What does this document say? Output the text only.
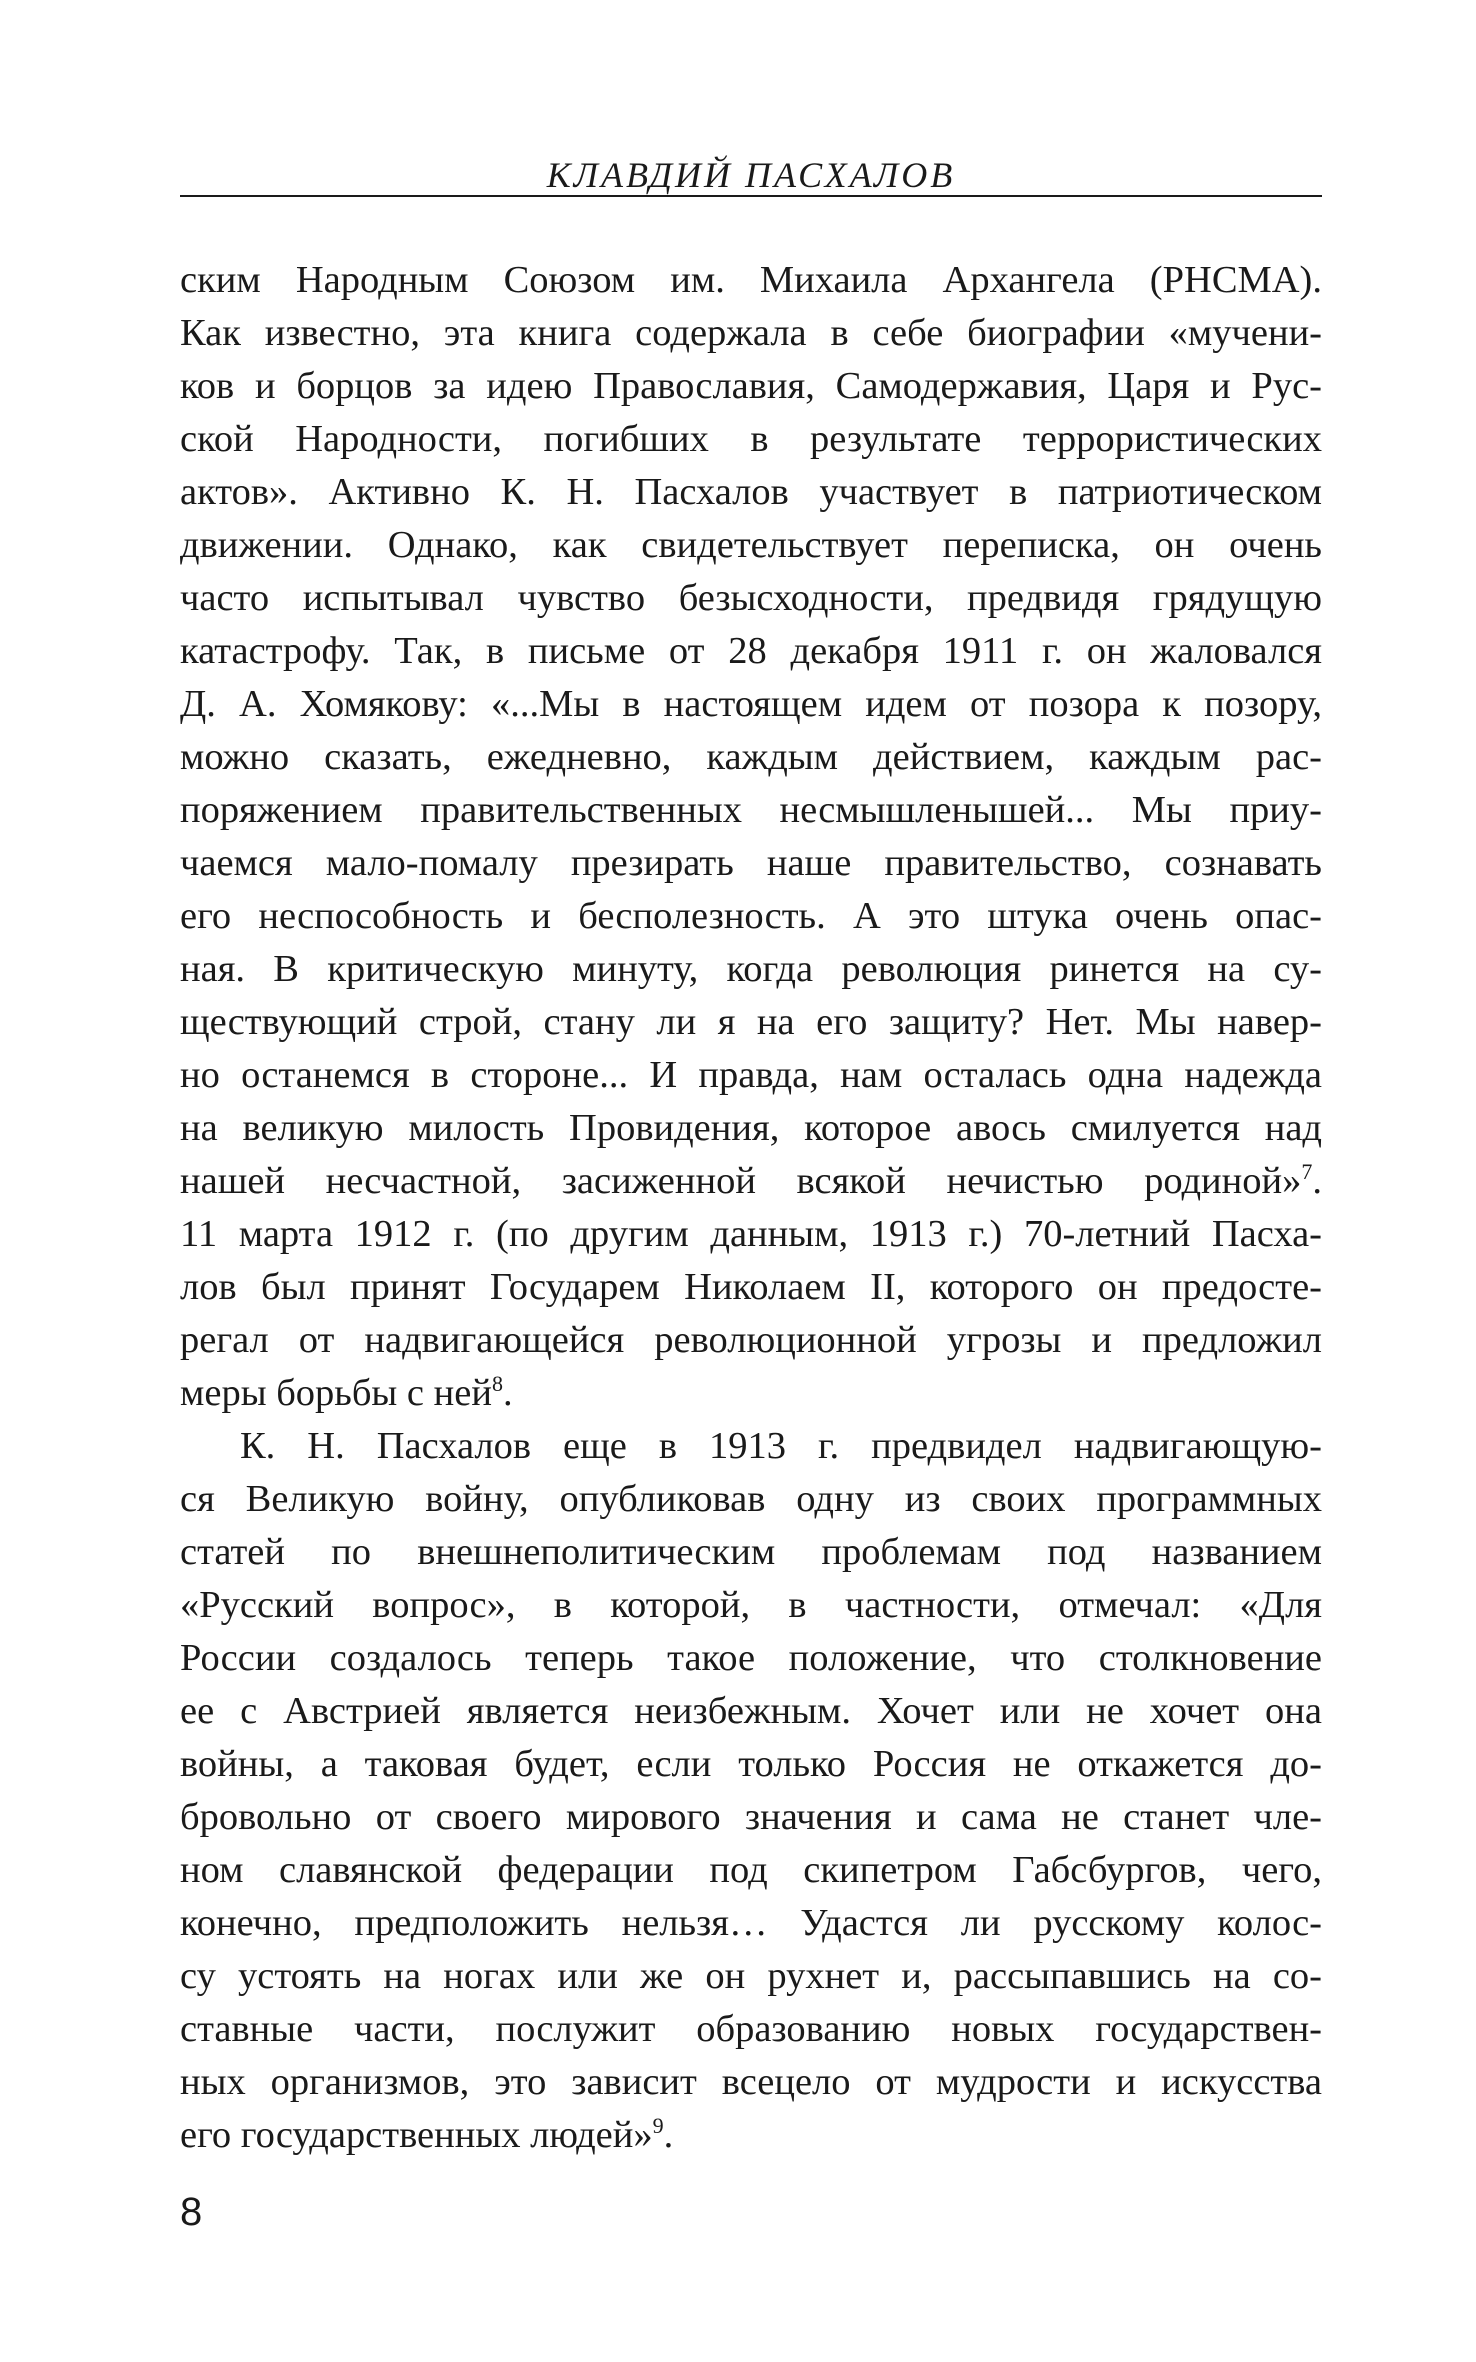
КЛАВДИЙ ПАСХАЛОВ
ским Народным Союзом им. Михаила Архангела (РНСМА).
Как известно, эта книга содержала в себе биографии «мучени-
ков и борцов за идею Православия, Самодержавия, Царя и Рус-
ской Народности, погибших в результате террористических
актов». Активно К. Н. Пасхалов участвует в патриотическом
движении. Однако, как свидетельствует переписка, он очень
часто испытывал чувство безысходности, предвидя грядущую
катастрофу. Так, в письме от 28 декабря 1911 г. он жаловался
Д. А. Хомякову: «...Мы в настоящем идем от позора к позору,
можно сказать, ежедневно, каждым действием, каждым рас-
поряжением правительственных несмышленышей... Мы приу-
чаемся мало-помалу презирать наше правительство, сознавать
его неспособность и бесполезность. А это штука очень опас-
ная. В критическую минуту, когда революция ринется на су-
ществующий строй, стану ли я на его защиту? Нет. Мы навер-
но останемся в стороне... И правда, нам осталась одна надежда
на великую милость Провидения, которое авось смилуется над
нашей несчастной, засиженной всякой нечистью родиной»$^7$.
11 марта 1912 г. (по другим данным, 1913 г.) 70-летний Пасха-
лов был принят Государем Николаем II, которого он предосте-
регал от надвигающейся революционной угрозы и предложил
меры борьбы с ней$^8$.
К. Н. Пасхалов еще в 1913 г. предвидел надвигающую-
ся Великую войну, опубликовав одну из своих программных
статей по внешнеполитическим проблемам под названием
«Русский вопрос», в которой, в частности, отмечал: «Для
России создалось теперь такое положение, что столкновение
ее с Австрией является неизбежным. Хочет или не хочет она
войны, а таковая будет, если только Россия не откажется до-
бровольно от своего мирового значения и сама не станет чле-
ном славянской федерации под скипетром Габсбургов, чего,
конечно, предположить нельзя… Удастся ли русскому колос-
су устоять на ногах или же он рухнет и, рассыпавшись на со-
ставные части, послужит образованию новых государствен-
ных организмов, это зависит всецело от мудрости и искусства
его государственных людей»$^9$.
8
